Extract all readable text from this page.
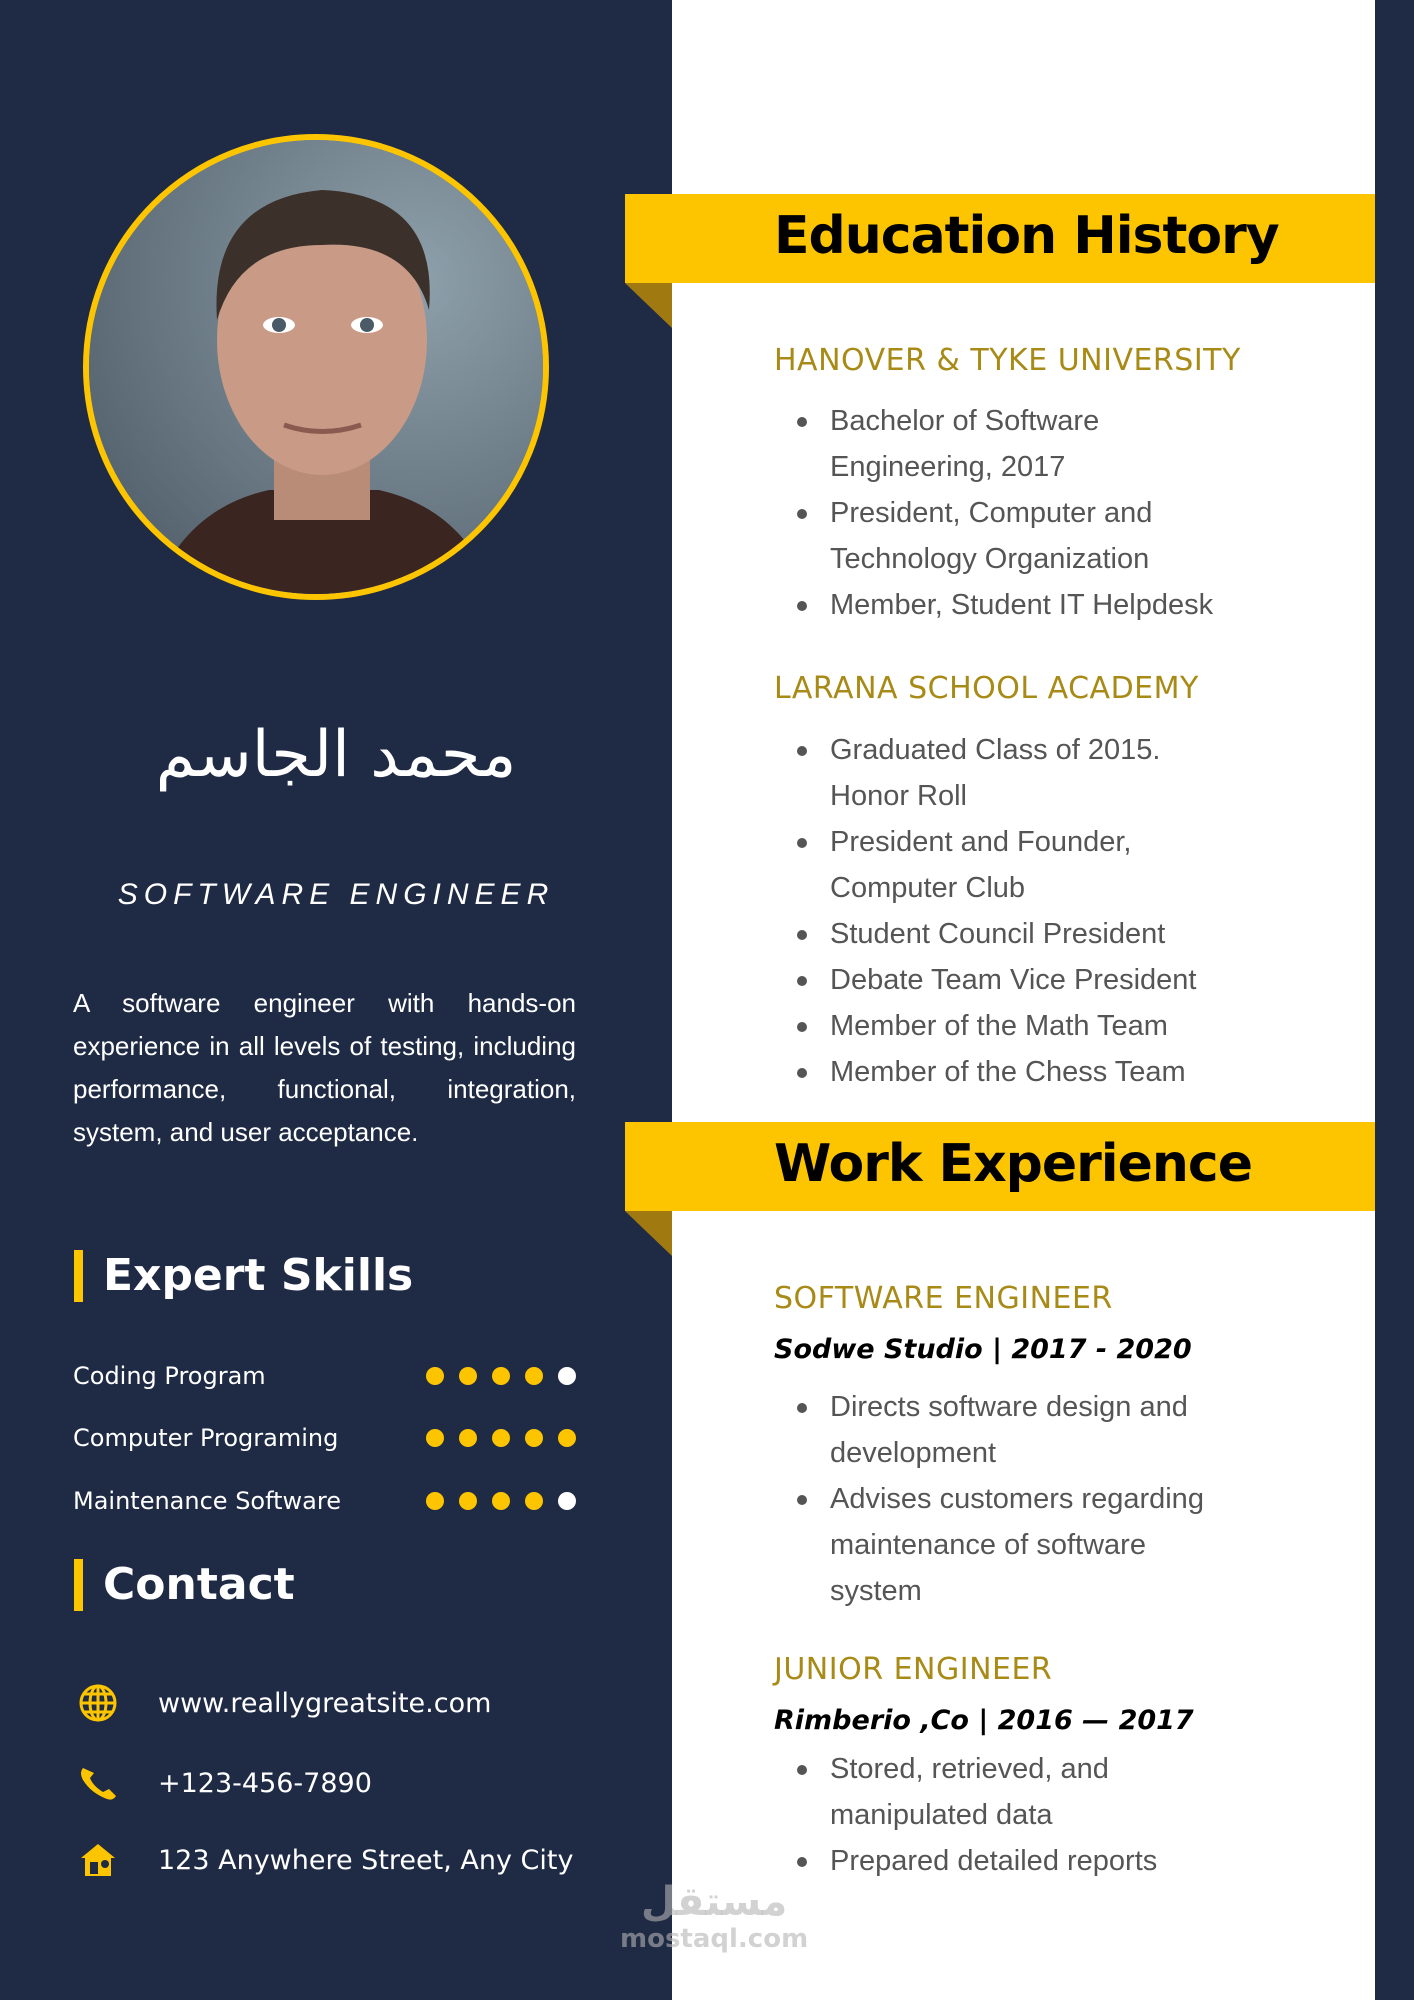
محمد الجاسم
SOFTWARE ENGINEER
A software engineer with hands-on experience in all levels of testing, including performance, functional, integration, system, and user acceptance.
Expert Skills
Coding Program
Computer Programing
Maintenance Software
Contact
www.reallygreatsite.com
+123-456-7890
123 Anywhere Street, Any City
Education History
HANOVER & TYKE UNIVERSITY
Bachelor of Software Engineering, 2017
President, Computer and Technology Organization
Member, Student IT Helpdesk
LARANA SCHOOL ACADEMY
Graduated Class of 2015. Honor Roll
President and Founder, Computer Club
Student Council President
Debate Team Vice President
Member of the Math Team
Member of the Chess Team
Work Experience
SOFTWARE ENGINEER
Sodwe Studio | 2017 - 2020
Directs software design and development
Advises customers regarding maintenance of software system
JUNIOR ENGINEER
Rimberio ,Co | 2016 — 2017
Stored, retrieved, and manipulated data
Prepared detailed reports
مستقل
mostaql.com
